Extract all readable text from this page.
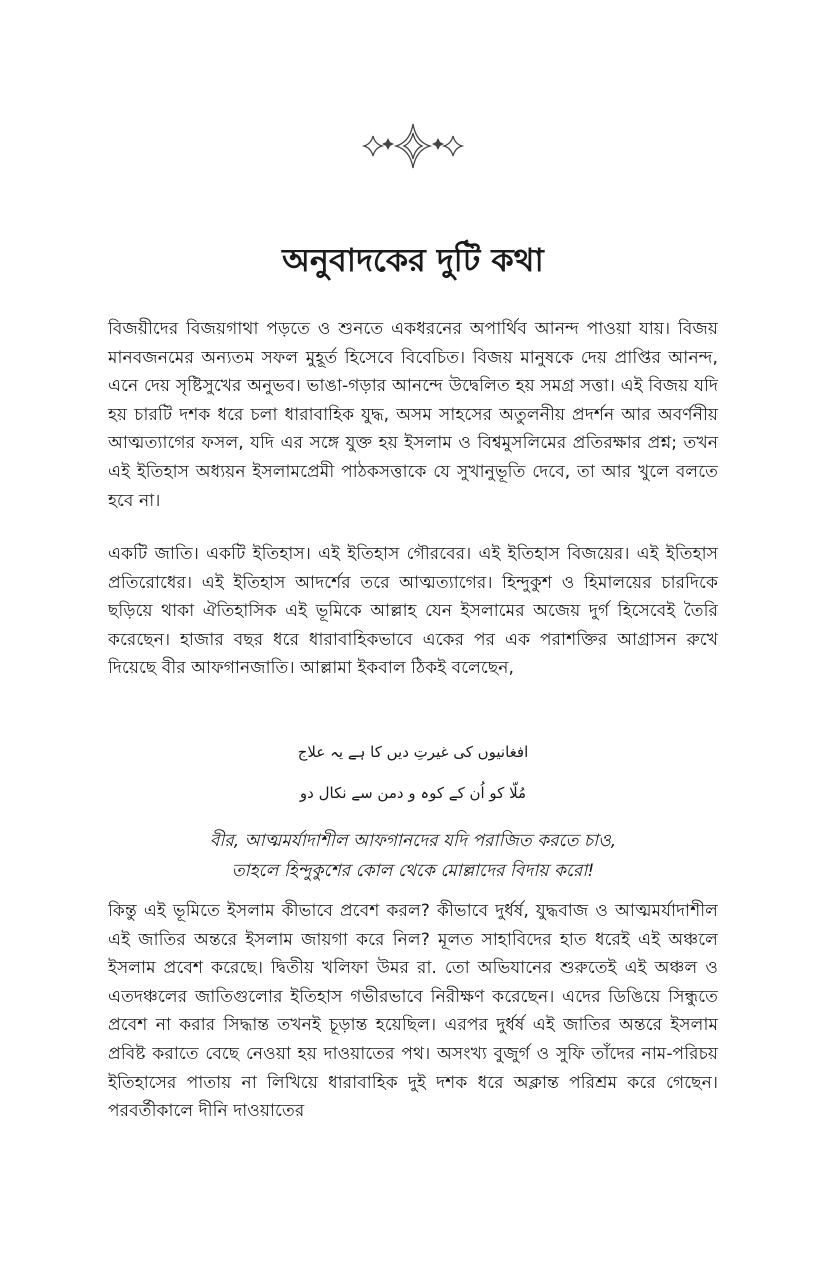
অনুবাদকের দুটি কথা

বিজয়ীদের বিজয়গাথা পড়তে ও শুনতে একধরনের অপার্থিব আনন্দ পাওয়া যায়। বিজয় মানবজনমের অন্যতম সফল মুহূর্ত হিসেবে বিবেচিত। বিজয় মানুষকে দেয় প্রাপ্তির আনন্দ, এনে দেয় সৃষ্টিসুখের অনুভব। ভাঙা-গড়ার আনন্দে উদ্বেলিত হয় সমগ্র সত্তা। এই বিজয় যদি হয় চারটি দশক ধরে চলা ধারাবাহিক যুদ্ধ, অসম সাহসের অতুলনীয় প্রদর্শন আর অবর্ণনীয় আত্মত্যাগের ফসল, যদি এর সঙ্গে যুক্ত হয় ইসলাম ও বিশ্বমুসলিমের প্রতিরক্ষার প্রশ্ন; তখন এই ইতিহাস অধ্যয়ন ইসলামপ্রেমী পাঠকসত্তাকে যে সুখানুভূতি দেবে, তা আর খুলে বলতে হবে না।

একটি জাতি। একটি ইতিহাস। এই ইতিহাস গৌরবের। এই ইতিহাস বিজয়ের। এই ইতিহাস প্রতিরোধের। এই ইতিহাস আদর্শের তরে আত্মত্যাগের। হিন্দুকুশ ও হিমালয়ের চারদিকে ছড়িয়ে থাকা ঐতিহাসিক এই ভূমিকে আল্লাহ যেন ইসলামের অজেয় দুর্গ হিসেবেই তৈরি করেছেন। হাজার বছর ধরে ধারাবাহিকভাবে একের পর এক পরাশক্তির আগ্রাসন রুখে দিয়েছে বীর আফগানজাতি। আল্লামা ইকবাল ঠিকই বলেছেন,

افغانیوں کی غیرتِ دیں کا ہے یہ علاج

مُلّا کو اُن کے کوہ و دمن سے نکال دو

বীর, আত্মমর্যাদাশীল আফগানদের যদি পরাজিত করতে চাও,

তাহলে হিন্দুকুশের কোল থেকে মোল্লাদের বিদায় করো!

কিন্তু এই ভূমিতে ইসলাম কীভাবে প্রবেশ করল? কীভাবে দুর্ধর্ষ, যুদ্ধবাজ ও আত্মমর্যাদাশীল এই জাতির অন্তরে ইসলাম জায়গা করে নিল? মূলত সাহাবিদের হাত ধরেই এই অঞ্চলে ইসলাম প্রবেশ করেছে। দ্বিতীয় খলিফা উমর রা. তো অভিযানের শুরুতেই এই অঞ্চল ও এতদঞ্চলের জাতিগুলোর ইতিহাস গভীরভাবে নিরীক্ষণ করেছেন। এদের ডিঙিয়ে সিন্ধুতে প্রবেশ না করার সিদ্ধান্ত তখনই চূড়ান্ত হয়েছিল। এরপর দুর্ধর্ষ এই জাতির অন্তরে ইসলাম প্রবিষ্ট করাতে বেছে নেওয়া হয় দাওয়াতের পথ। অসংখ্য বুজুর্গ ও সুফি তাঁদের নাম-পরিচয় ইতিহাসের পাতায় না লিখিয়ে ধারাবাহিক দুই দশক ধরে অক্লান্ত পরিশ্রম করে গেছেন। পরবর্তীকালে দীনি দাওয়াতের
